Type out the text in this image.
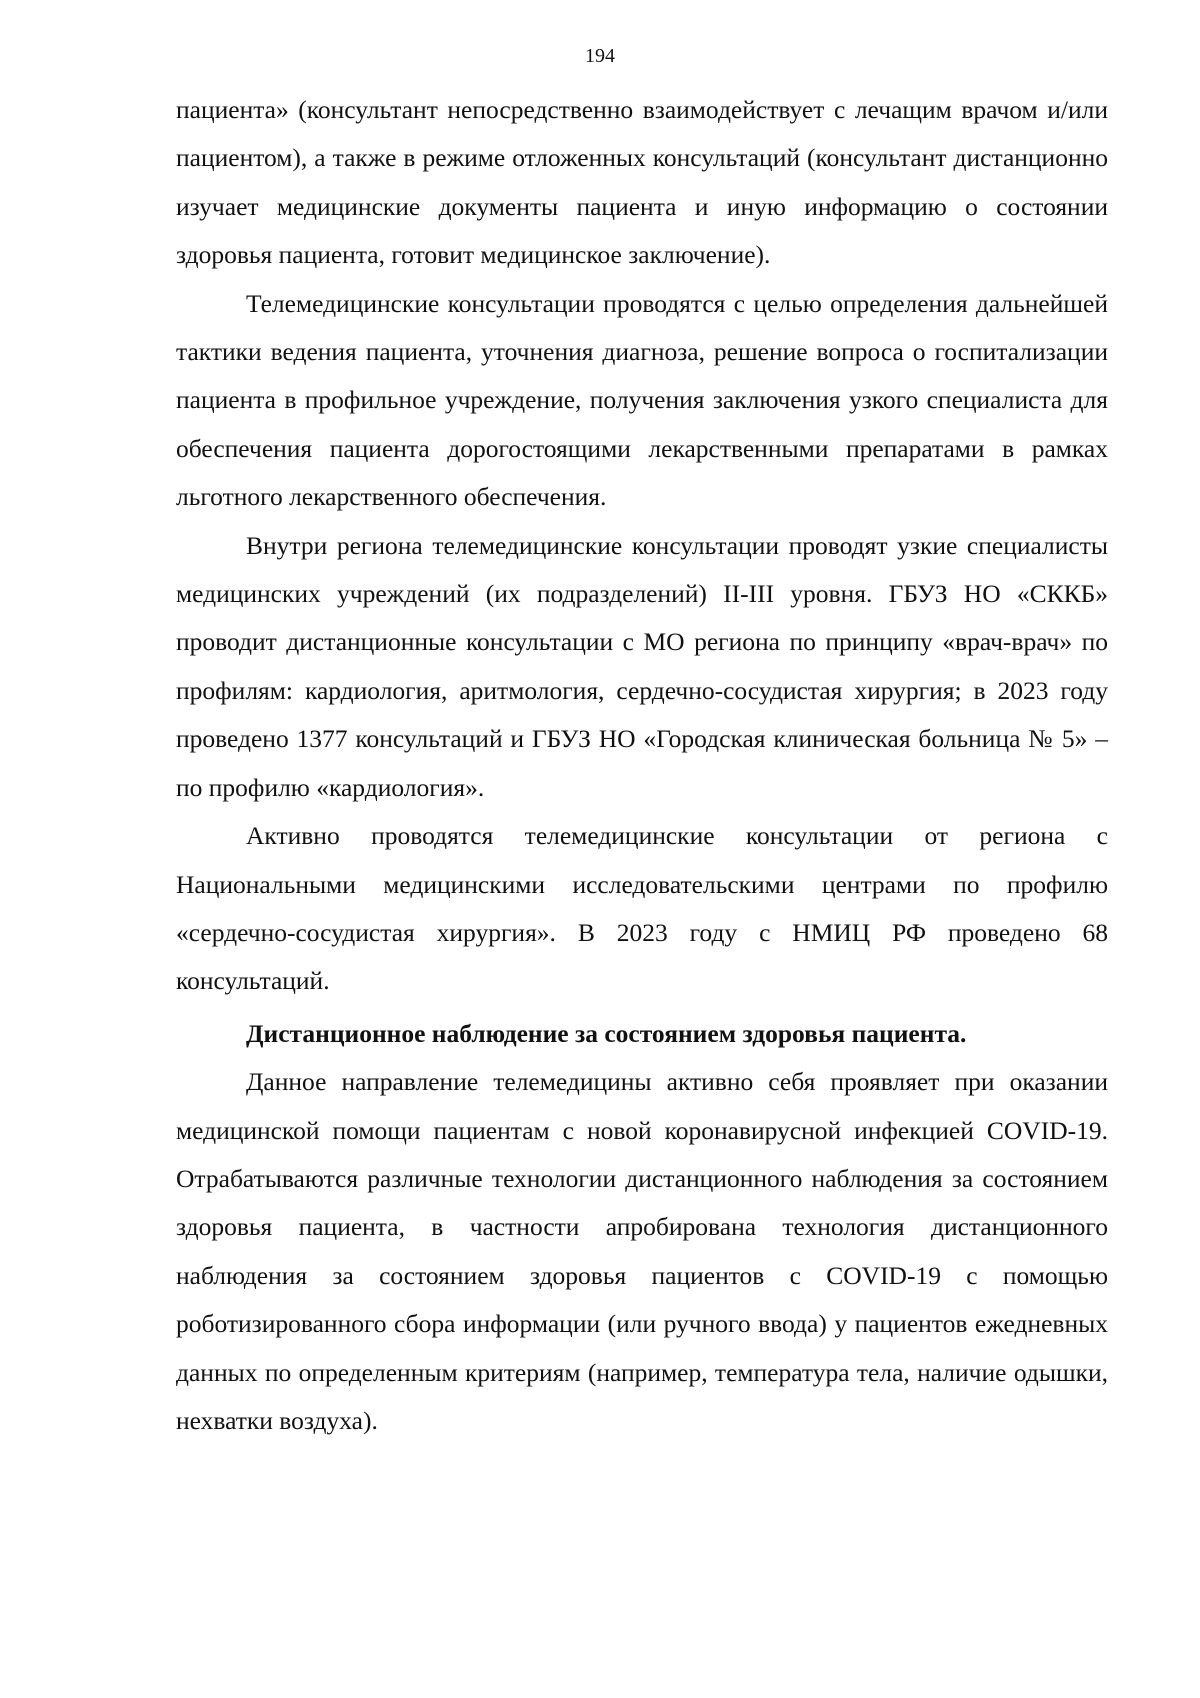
194

пациента» (консультант непосредственно взаимодействует с лечащим врачом и/или пациентом), а также в режиме отложенных консультаций (консультант дистанционно изучает медицинские документы пациента и иную информацию о состоянии здоровья пациента, готовит медицинское заключение).

Телемедицинские консультации проводятся с целью определения дальнейшей тактики ведения пациента, уточнения диагноза, решение вопроса о госпитализации пациента в профильное учреждение, получения заключения узкого специалиста для обеспечения пациента дорогостоящими лекарственными препаратами в рамках льготного лекарственного обеспечения.

Внутри региона телемедицинские консультации проводят узкие специалисты медицинских учреждений (их подразделений) II-III уровня. ГБУЗ НО «СККБ» проводит дистанционные консультации с МО региона по принципу «врач-врач» по профилям: кардиология, аритмология, сердечно-сосудистая хирургия; в 2023 году проведено 1377 консультаций и ГБУЗ НО «Городская клиническая больница № 5» – по профилю «кардиология».

Активно проводятся телемедицинские консультации от региона с Национальными медицинскими исследовательскими центрами по профилю «сердечно-сосудистая хирургия». В 2023 году с НМИЦ РФ проведено 68 консультаций.

Дистанционное наблюдение за состоянием здоровья пациента.

Данное направление телемедицины активно себя проявляет при оказании медицинской помощи пациентам с новой коронавирусной инфекцией COVID-19. Отрабатываются различные технологии дистанционного наблюдения за состоянием здоровья пациента, в частности апробирована технология дистанционного наблюдения за состоянием здоровья пациентов с COVID-19 с помощью роботизированного сбора информации (или ручного ввода) у пациентов ежедневных данных по определенным критериям (например, температура тела, наличие одышки, нехватки воздуха).
